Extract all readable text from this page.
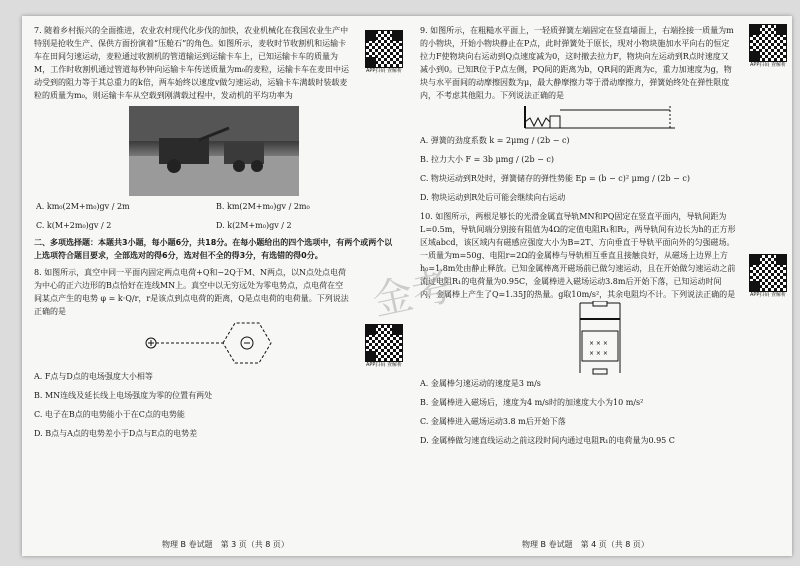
7. 随着乡村振兴的全面推进，农业农村现代化步伐的加快，农业机械化在我国农业生产中特别是抢收生产、保供方面扮演着“压舱石”的角色。如图所示，麦收时节收割机和运输卡车在田间匀速运动，麦粒通过收割机的管道输运到运输卡车上，已知运输卡车的质量为M，工作时收割机通过管道每秒钟向运输卡车传送质量为m₀的麦粒，运输卡车在麦田中运动受到的阻力等于其总重力的k倍，两车始终以速度v做匀速运动，运输卡车满载时装载麦粒的质量为m₀，则运输卡车从空载到刚满载过程中，发动机的平均功率为
A. km₀(2M+m₀)gv / 2m	B. km(2M+m₀)gv / 2m₀
C. k(M+2m₀)gv / 2	D. k(2M+m₀)gv / 2
二、多项选择题：本题共3小题，每小题6分，共18分。在每小题给出的四个选项中，有两个或两个以上选项符合题目要求，全部选对的得6分，选对但不全的得3分，有选错的得0分。
8. 如图所示，真空中同一平面内固定两点电荷+Q和−2Q于M、N两点，以N点处点电荷为中心的正六边形的B点恰好在连线MN上。真空中以无穷远处为零电势点，点电荷在空间某点产生的电势 φ = k·Q/r，r是该点到点电荷的距离，Q是点电荷的电荷量。下列说法正确的是
A. F点与D点的电场强度大小相等
B. MN连线及延长线上电场强度为零的位置有两处
C. 电子在B点的电势能小于在C点的电势能
D. B点与A点的电势差小于D点与E点的电势差
APP扫码 查解析
APP扫码 查解析
物理 B 卷试题　第 3 页（共 8 页）
9. 如图所示，在粗糙水平面上，一轻质弹簧左端固定在竖直墙面上，右端拴接一质量为m的小物块，开始小物块静止在P点，此时弹簧处于原长，现对小物块施加水平向右的恒定拉力F使物块向右运动到Q点速度减为0，这时撤去拉力F，物块向左运动到R点时速度又减小到0。已知R位于P点左侧，PQ间的距离为b，QR间的距离为c，重力加速度为g，物块与水平面间的动摩擦因数为μ，最大静摩擦力等于滑动摩擦力，弹簧始终处在弹性限度内，不考虑其他阻力。下列说法正确的是
A. 弹簧的劲度系数 k = 2μmg / (2b − c)
B. 拉力大小 F = 3b μmg / (2b − c)
C. 物块运动到R处时，弹簧储存的弹性势能 Ep = (b − c)² μmg / (2b − c)
D. 物块运动到R处后可能会继续向右运动
10. 如图所示，两根足够长的光滑金属直导轨MN和PQ固定在竖直平面内，导轨间距为L=0.5m，导轨间端分别接有阻值为4Ω的定值电阻R₁和R₂，两导轨间有边长为h的正方形区域abcd，该区域内有磁感应强度大小为B=2T、方向垂直于导轨平面向外的匀强磁场。一质量为m=50g、电阻r=2Ω的金属棒与导轨相互垂直且接触良好，从磁场上边界上方h₀=1.8m处由静止释放。已知金属棒离开磁场前已做匀速运动，且在开始做匀速运动之前流过电阻R₁的电荷量为0.95C，金属棒进入磁场运动3.8m后开始下落，已知运动时间内，金属棒上产生了Q=1.35J的热量。g取10m/s²，其余电阻均不计。下列说法正确的是
× × ×
× × ×
A. 金属棒匀速运动的速度是3 m/s
B. 金属棒进入磁场后，速度为4 m/s时的加速度大小为10 m/s²
C. 金属棒进入磁场运动3.8 m后开始下落
D. 金属棒做匀速直线运动之前这段时间内通过电阻R₁的电荷量为0.95 C
APP扫码 查解析
APP扫码 查解析
物理 B 卷试题　第 4 页（共 8 页）
金考
